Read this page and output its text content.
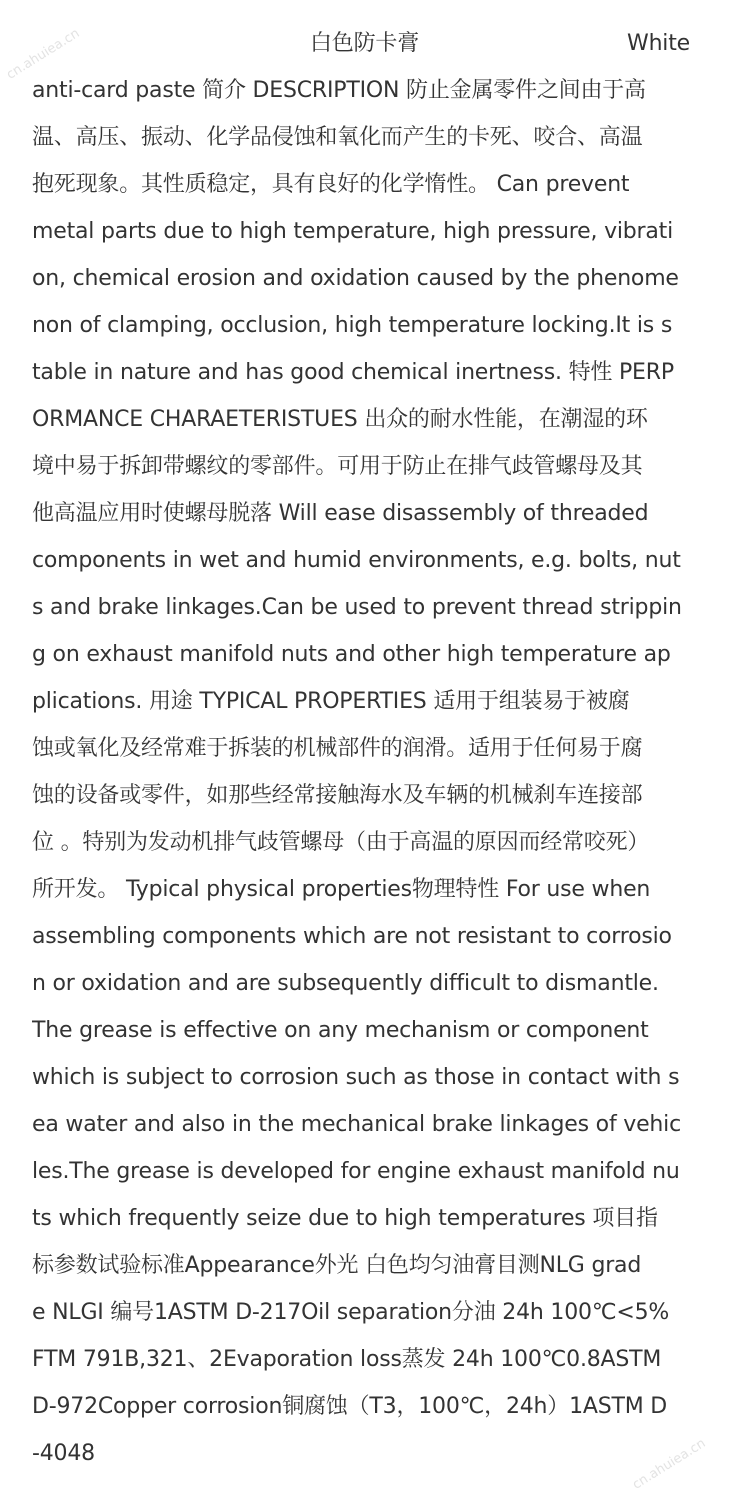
cn.ahuiea.cn
cn.ahuiea.cn
白色防卡膏	White
anti-card paste 简介 DESCRIPTION 防止金属零件之间由于高
温、高压、振动、化学品侵蚀和氧化而产生的卡死、咬合、高温
抱死现象。其性质稳定，具有良好的化学惰性。 Can prevent
metal parts due to high temperature, high pressure, vibrati
on, chemical erosion and oxidation caused by the phenome
non of clamping, occlusion, high temperature locking.It is s
table in nature and has good chemical inertness. 特性 PERP
ORMANCE CHARAETERISTUES 出众的耐水性能，在潮湿的环
境中易于拆卸带螺纹的零部件。可用于防止在排气歧管螺母及其
他高温应用时使螺母脱落 Will ease disassembly of threaded
components in wet and humid environments, e.g. bolts, nut
s and brake linkages.Can be used to prevent thread strippin
g on exhaust manifold nuts and other high temperature ap
plications. 用途 TYPICAL PROPERTIES 适用于组装易于被腐
蚀或氧化及经常难于拆装的机械部件的润滑。适用于任何易于腐
蚀的设备或零件，如那些经常接触海水及车辆的机械刹车连接部
位 。特别为发动机排气歧管螺母（由于高温的原因而经常咬死）
所开发。 Typical physical properties物理特性 For use when
assembling components which are not resistant to corrosio
n or oxidation and are subsequently difficult to dismantle.
The grease is effective on any mechanism or component
which is subject to corrosion such as those in contact with s
ea water and also in the mechanical brake linkages of vehic
les.The grease is developed for engine exhaust manifold nu
ts which frequently seize due to high temperatures 项目指
标参数试验标准Appearance外光 白色均匀油膏目测NLG grad
e NLGI 编号1ASTM D-217Oil separation分油 24h 100℃<5%
FTM 791B,321、2Evaporation loss蒸发 24h 100℃0.8ASTM
D-972Copper corrosion铜腐蚀（T3，100℃，24h）1ASTM D
-4048
